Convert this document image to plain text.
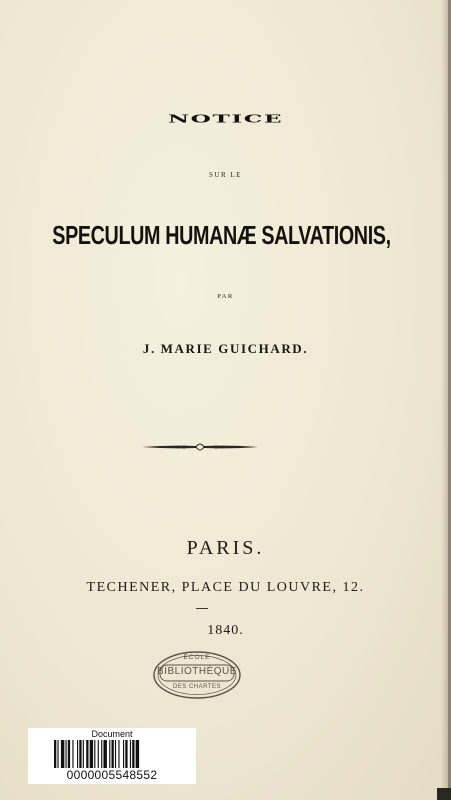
NOTICE
SUR LE
SPECULUM HUMANÆ SALVATIONIS,
PAR
J. MARIE GUICHARD.
PARIS.
TECHENER, PLACE DU LOUVRE, 12.
1840.
ÉCOLE
BIBLIOTHÈQUE
DES CHARTES
Document
0000005548552
